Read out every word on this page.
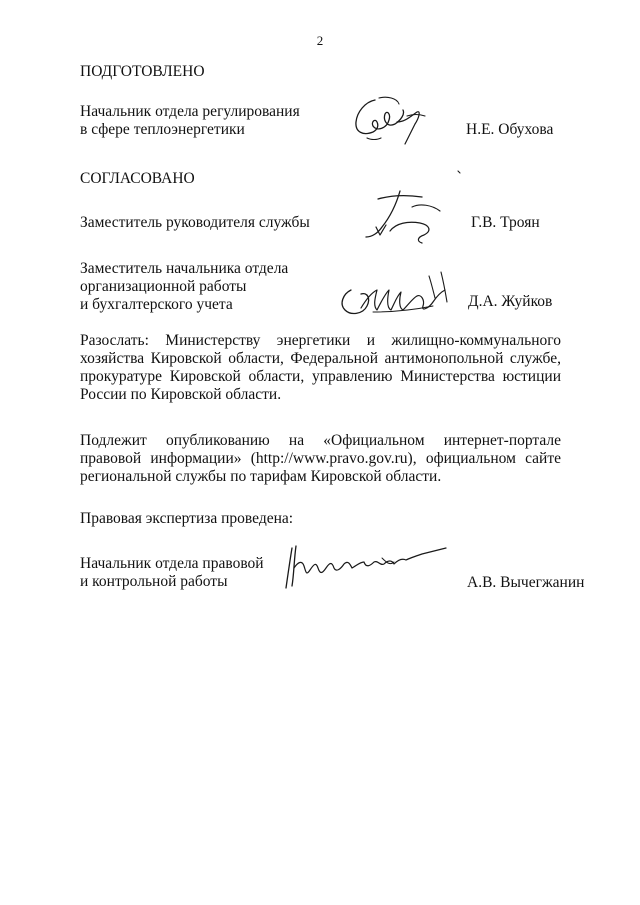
2
ПОДГОТОВЛЕНО
Начальник отдела регулирования
в сфере теплоэнергетики	Н.Е. Обухова
СОГЛАСОВАНО
Заместитель руководителя службы	Г.В. Троян
Заместитель начальника отдела
организационной работы
и бухгалтерского учета	Д.А. Жуйков
Разослать: Министерству энергетики и жилищно-коммунального хозяйства Кировской области, Федеральной антимонопольной службе, прокуратуре Кировской области, управлению Министерства юстиции России по Кировской области.
Подлежит опубликованию на «Официальном интернет-портале правовой информации» (http://www.pravo.gov.ru), официальном сайте региональной службы по тарифам Кировской области.
Правовая экспертиза проведена:
Начальник отдела правовой
и контрольной работы	А.В. Вычегжанин
